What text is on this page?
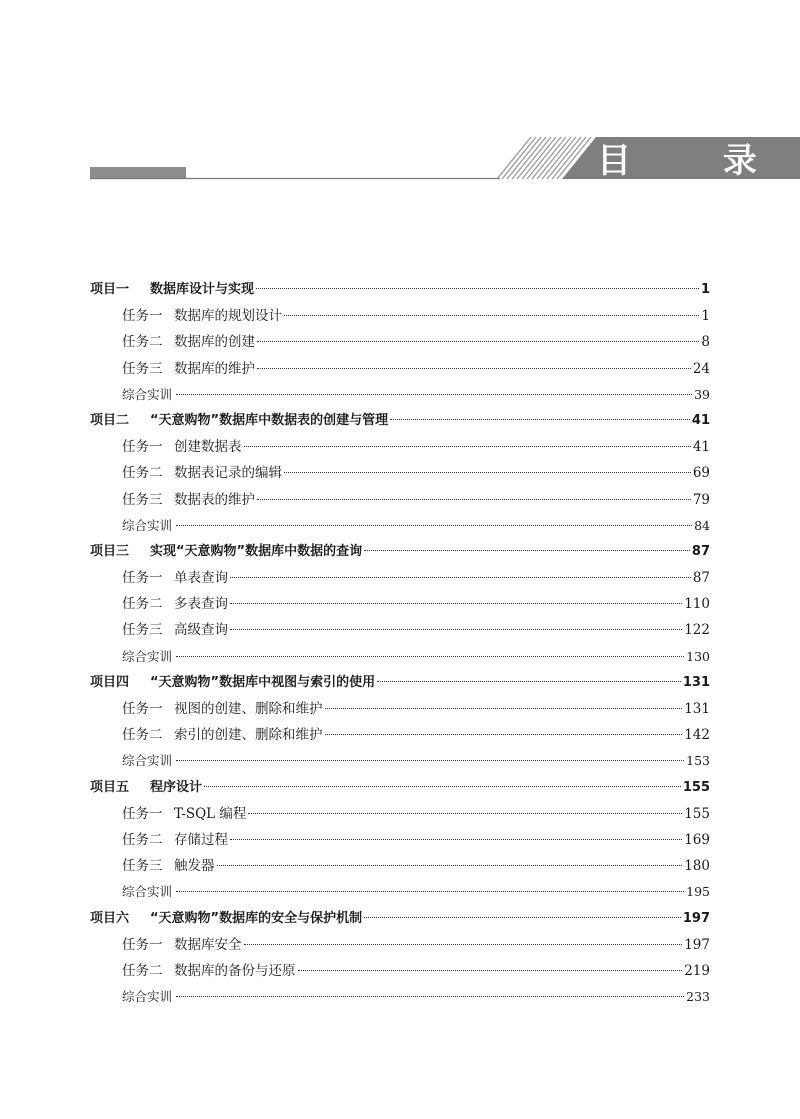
目 录
项目一 数据库设计与实现	1
任务一 数据库的规划设计	1
任务二 数据库的创建	8
任务三 数据库的维护	24
综合实训	39
项目二 “天意购物”数据库中数据表的创建与管理	41
任务一 创建数据表	41
任务二 数据表记录的编辑	69
任务三 数据表的维护	79
综合实训	84
项目三 实现“天意购物”数据库中数据的查询	87
任务一 单表查询	87
任务二 多表查询	110
任务三 高级查询	122
综合实训	130
项目四 “天意购物”数据库中视图与索引的使用	131
任务一 视图的创建、删除和维护	131
任务二 索引的创建、删除和维护	142
综合实训	153
项目五 程序设计	155
任务一 T-SQL 编程	155
任务二 存储过程	169
任务三 触发器	180
综合实训	195
项目六 “天意购物”数据库的安全与保护机制	197
任务一 数据库安全	197
任务二 数据库的备份与还原	219
综合实训	233
